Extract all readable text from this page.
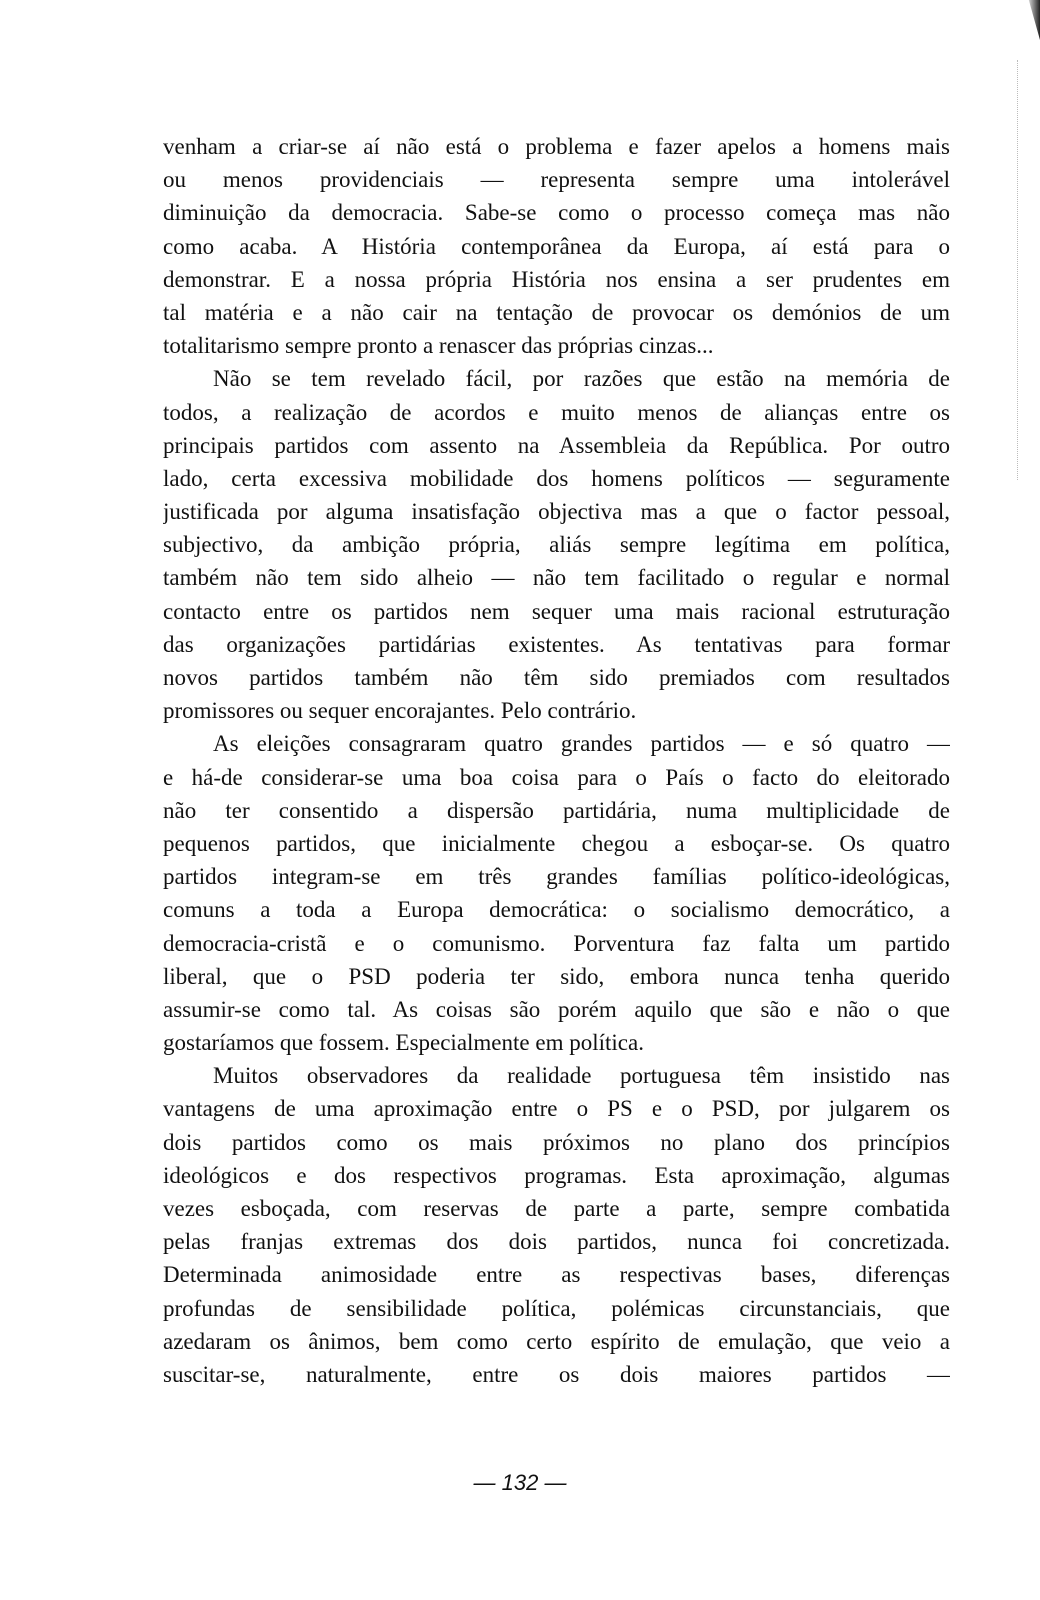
venham a criar-se aí não está o problema e fazer apelos a homens mais
ou menos providenciais — representa sempre uma intolerável
diminuição da democracia. Sabe-se como o processo começa mas não
como acaba. A História contemporânea da Europa, aí está para o
demonstrar. E a nossa própria História nos ensina a ser prudentes em
tal matéria e a não cair na tentação de provocar os demónios de um
totalitarismo sempre pronto a renascer das próprias cinzas...
Não se tem revelado fácil, por razões que estão na memória de
todos, a realização de acordos e muito menos de alianças entre os
principais partidos com assento na Assembleia da República. Por outro
lado, certa excessiva mobilidade dos homens políticos — seguramente
justificada por alguma insatisfação objectiva mas a que o factor pessoal,
subjectivo, da ambição própria, aliás sempre legítima em política,
também não tem sido alheio — não tem facilitado o regular e normal
contacto entre os partidos nem sequer uma mais racional estruturação
das organizações partidárias existentes. As tentativas para formar
novos partidos também não têm sido premiados com resultados
promissores ou sequer encorajantes. Pelo contrário.
As eleições consagraram quatro grandes partidos — e só quatro —
e há-de considerar-se uma boa coisa para o País o facto do eleitorado
não ter consentido a dispersão partidária, numa multiplicidade de
pequenos partidos, que inicialmente chegou a esboçar-se. Os quatro
partidos integram-se em três grandes famílias político-ideológicas,
comuns a toda a Europa democrática: o socialismo democrático, a
democracia-cristã e o comunismo. Porventura faz falta um partido
liberal, que o PSD poderia ter sido, embora nunca tenha querido
assumir-se como tal. As coisas são porém aquilo que são e não o que
gostaríamos que fossem. Especialmente em política.
Muitos observadores da realidade portuguesa têm insistido nas
vantagens de uma aproximação entre o PS e o PSD, por julgarem os
dois partidos como os mais próximos no plano dos princípios
ideológicos e dos respectivos programas. Esta aproximação, algumas
vezes esboçada, com reservas de parte a parte, sempre combatida
pelas franjas extremas dos dois partidos, nunca foi concretizada.
Determinada animosidade entre as respectivas bases, diferenças
profundas de sensibilidade política, polémicas circunstanciais, que
azedaram os ânimos, bem como certo espírito de emulação, que veio a
suscitar-se, naturalmente, entre os dois maiores partidos —
— 132 —
